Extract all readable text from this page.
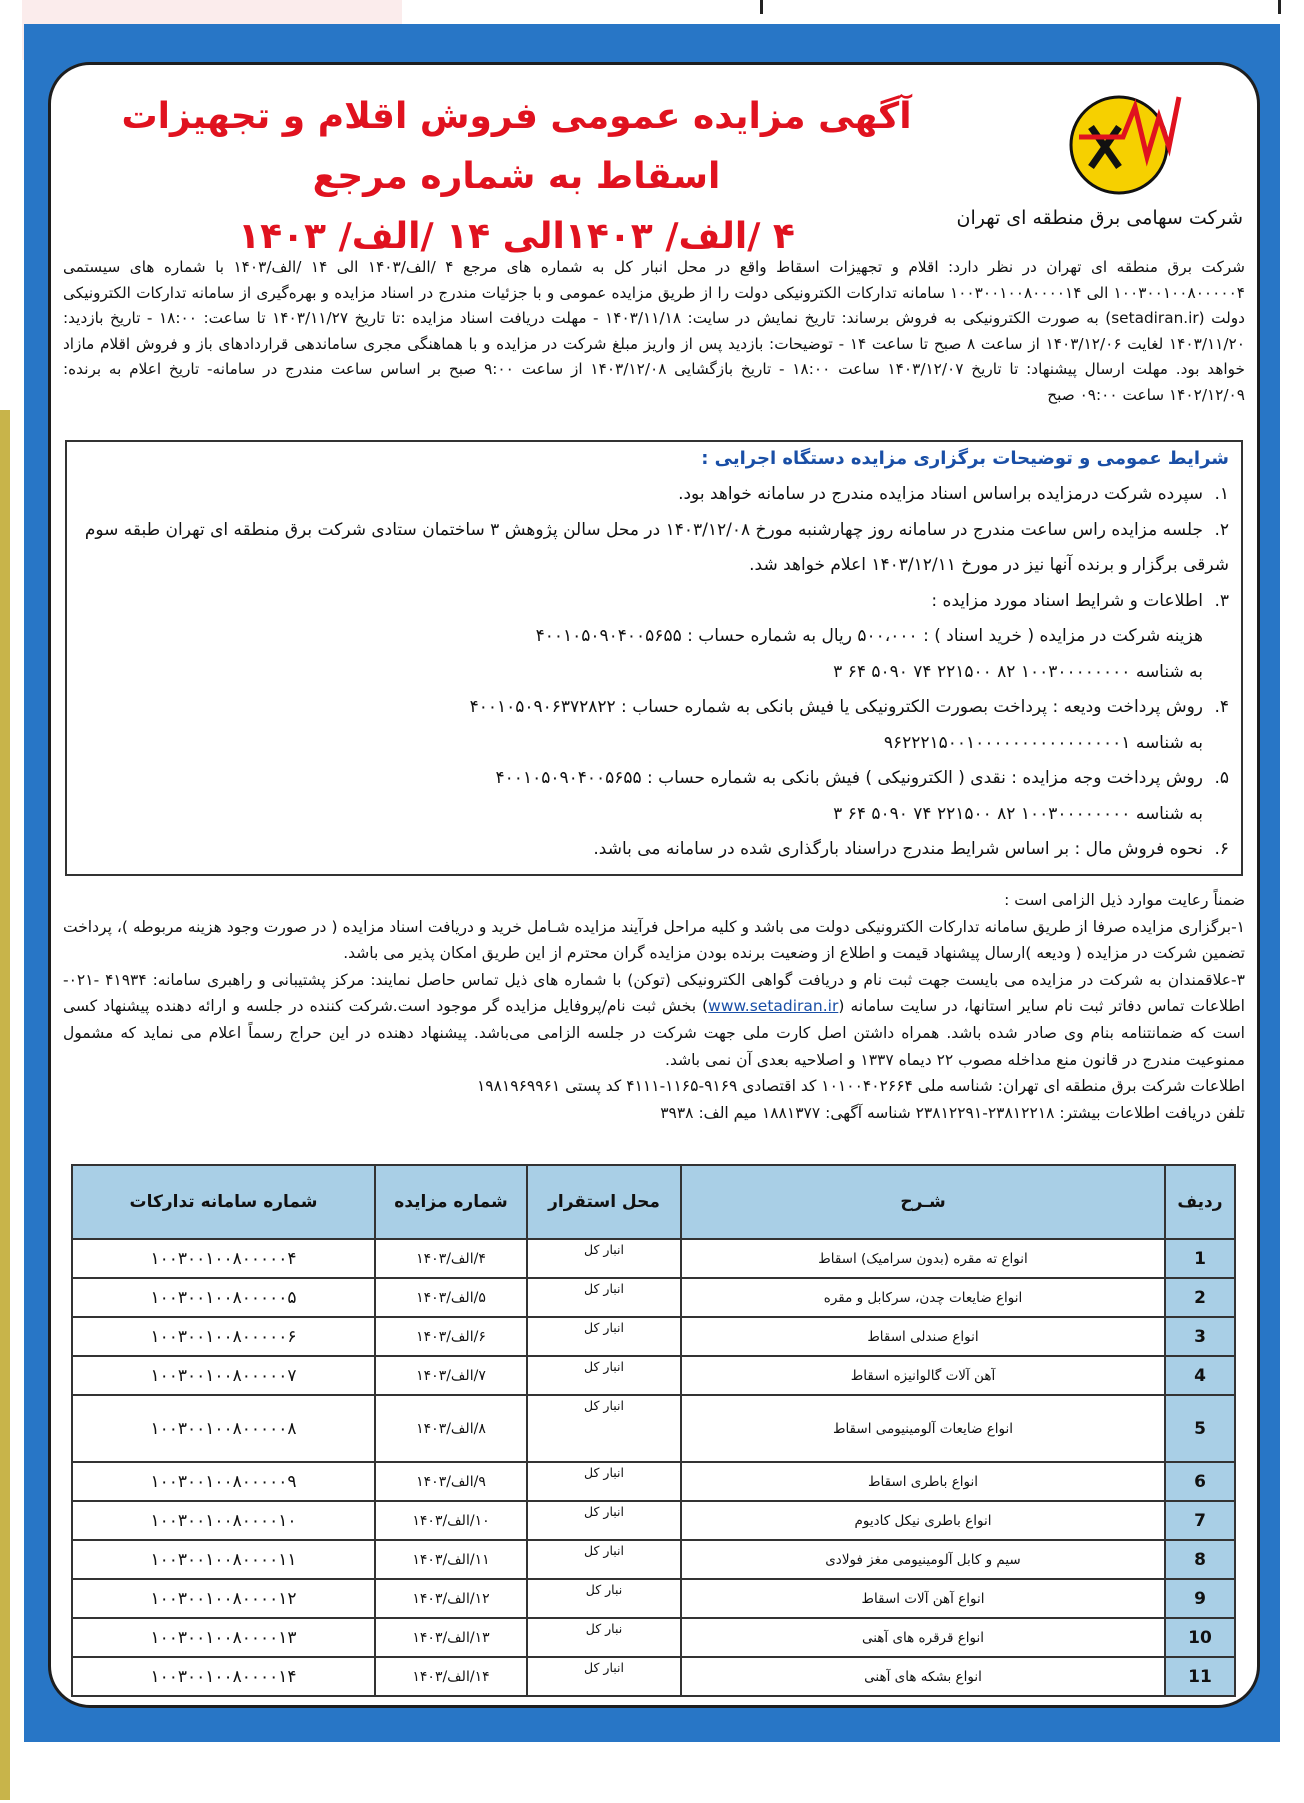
شرکت سهامی برق منطقه ای تهران
آگهی مزایده عمومی فروش اقلام و تجهیزات اسقاط به شماره مرجع
۴ /الف/ ۱۴۰۳الی ۱۴ /الف/ ۱۴۰۳
شرکت برق منطقه ای تهران در نظر دارد: اقلام و تجهیزات اسقاط واقع در محل انبار کل به شماره های مرجع ۴ /الف/۱۴۰۳ الی ۱۴ /الف/۱۴۰۳ با شماره های سیستمی ۱۰۰۳۰۰۱۰۰۸۰۰۰۰۰۴ الی ۱۰۰۳۰۰۱۰۰۸۰۰۰۰۱۴ سامانه تدارکات الکترونیکی دولت را از طریق مزایده عمومی و با جزئیات مندرج در اسناد مزایده و بهره‌گیری از سامانه تدارکات الکترونیکی دولت (setadiran.ir) به صورت الکترونیکی به فروش برساند: تاریخ نمایش در سایت: ۱۴۰۳/۱۱/۱۸ - مهلت دریافت اسناد مزایده :تا تاریخ ۱۴۰۳/۱۱/۲۷ تا ساعت: ۱۸:۰۰ - تاریخ بازدید: ۱۴۰۳/۱۱/۲۰ لغایت ۱۴۰۳/۱۲/۰۶ از ساعت ۸ صبح تا ساعت ۱۴ - توضیحات: بازدید پس از واریز مبلغ شرکت در مزایده و با هماهنگی مجری ساماندهی قراردادهای باز و فروش اقلام مازاد خواهد بود. مهلت ارسال پیشنهاد: تا تاریخ ۱۴۰۳/۱۲/۰۷ ساعت ۱۸:۰۰ - تاریخ بازگشایی ۱۴۰۳/۱۲/۰۸ از ساعت ۹:۰۰ صبح بر اساس ساعت مندرج در سامانه- تاریخ اعلام به برنده: ۱۴۰۲/۱۲/۰۹ ساعت ۰۹:۰۰ صبح
شرایط عمومی و توضیحات برگزاری مزایده دستگاه اجرایی :
۱.سپرده شرکت درمزایده براساس اسناد مزایده مندرج در سامانه خواهد بود.
۲.جلسه مزایده راس ساعت مندرج در سامانه روز چهارشنبه مورخ ۱۴۰۳/۱۲/۰۸ در محل سالن پژوهش ۳ ساختمان ستادی شرکت برق منطقه ای تهران طبقه سوم شرقی برگزار و برنده آنها نیز در مورخ ۱۴۰۳/۱۲/۱۱ اعلام خواهد شد.
۳.اطلاعات و شرایط اسناد مورد مزایده :
هزینه شرکت در مزایده ( خرید اسناد ) : ۵۰۰،۰۰۰ ریال به شماره حساب : ۴۰۰۱۰۵۰۹۰۴۰۰۵۶۵۵
به شناسه ۱۰۰۳۰۰۰۰۰۰۰۰ ۸۲ ۲۲۱۵۰۰ ۷۴ ۵۰۹۰ ۶۴ ۳
۴.روش پرداخت ودیعه : پرداخت بصورت الکترونیکی یا فیش بانکی به شماره حساب : ۴۰۰۱۰۵۰۹۰۶۳۷۲۸۲۲
به شناسه ۹۶۲۲۲۱۵۰۰۱۰۰۰۰۰۰۰۰۰۰۰۰۰۰۰۰۱
۵.روش پرداخت وجه مزایده : نقدی ( الکترونیکی ) فیش بانکی به شماره حساب : ۴۰۰۱۰۵۰۹۰۴۰۰۵۶۵۵
به شناسه ۱۰۰۳۰۰۰۰۰۰۰۰ ۸۲ ۲۲۱۵۰۰ ۷۴ ۵۰۹۰ ۶۴ ۳
۶.نحوه فروش مال : بر اساس شرایط مندرج دراسناد بارگذاری شده در سامانه می باشد.
ضمناً رعایت موارد ذیل الزامی است :
۱-برگزاری مزایده صرفا از طریق سامانه تدارکات الکترونیکی دولت می باشد و کلیه مراحل فرآیند مزایده شـامل خرید و دریافت اسناد مزایده ( در صورت وجود هزینه مربوطه )، پرداخت تضمین شرکت در مزایده ( ودیعه )ارسال پیشنهاد قیمت و اطلاع از وضعیت برنده بودن مزایده گران محترم از این طریق امکان پذیر می باشد.
۳-علاقمندان به شرکت در مزایده می بایست جهت ثبت نام و دریافت گواهی الکترونیکی (توکن) با شماره های ذیل تماس حاصل نمایند: مرکز پشتیبانی و راهبری سامانه: ۴۱۹۳۴ -۰۲۱- اطلاعات تماس دفاتر ثبت نام سایر استانها، در سایت سامانه (www.setadiran.ir) بخش ثبت نام/پروفایل مزایده گر موجود است.شرکت کننده در جلسه و ارائه دهنده پیشنهاد کسی است که ضمانتنامه بنام وی صادر شده باشد. همراه داشتن اصل کارت ملی جهت شرکت در جلسه الزامی می‌باشد. پیشنهاد دهنده در این حراج رسماً اعلام می نماید که مشمول ممنوعیت مندرج در قانون منع مداخله مصوب ۲۲ دیماه ۱۳۳۷ و اصلاحیه بعدی آن نمی باشد.
اطلاعات شرکت برق منطقه ای تهران: شناسه ملی ۱۰۱۰۰۴۰۲۶۶۴ کد اقتصادی ۹۱۶۹-۱۱۶۵-۴۱۱۱ کد پستی ۱۹۸۱۹۶۹۹۶۱
تلفن دریافت اطلاعات بیشتر: ۲۳۸۱۲۲۱۸-۲۳۸۱۲۲۹۱ شناسه آگهی: ۱۸۸۱۳۷۷ میم الف: ۳۹۳۸
ردیف	شـرح	محل استقرار	شماره مزایده	شماره سامانه تدارکات
1	انواع ته مقره (بدون سرامیک) اسقاط	انبار کل	۴/الف/۱۴۰۳	۱۰۰۳۰۰۱۰۰۸۰۰۰۰۰۴
2	انواع ضایعات چدن، سرکابل و مقره	انبار کل	۵/الف/۱۴۰۳	۱۰۰۳۰۰۱۰۰۸۰۰۰۰۰۵
3	انواع صندلی اسقاط	انبار کل	۶/الف/۱۴۰۳	۱۰۰۳۰۰۱۰۰۸۰۰۰۰۰۶
4	آهن آلات گالوانیزه اسقاط	انبار کل	۷/الف/۱۴۰۳	۱۰۰۳۰۰۱۰۰۸۰۰۰۰۰۷
5	انواع ضایعات آلومینیومی اسقاط	انبار کل	۸/الف/۱۴۰۳	۱۰۰۳۰۰۱۰۰۸۰۰۰۰۰۸
6	انواع باطری اسقاط	انبار کل	۹/الف/۱۴۰۳	۱۰۰۳۰۰۱۰۰۸۰۰۰۰۰۹
7	انواع باطری نیکل کادیوم	انبار کل	۱۰/الف/۱۴۰۳	۱۰۰۳۰۰۱۰۰۸۰۰۰۰۱۰
8	سیم و کابل آلومینیومی مغز فولادی	انبار کل	۱۱/الف/۱۴۰۳	۱۰۰۳۰۰۱۰۰۸۰۰۰۰۱۱
9	انواع آهن آلات اسقاط	نبار کل	۱۲/الف/۱۴۰۳	۱۰۰۳۰۰۱۰۰۸۰۰۰۰۱۲
10	انواع قرقره های آهنی	نبار کل	۱۳/الف/۱۴۰۳	۱۰۰۳۰۰۱۰۰۸۰۰۰۰۱۳
11	انواع بشکه های آهنی	انبار کل	۱۴/الف/۱۴۰۳	۱۰۰۳۰۰۱۰۰۸۰۰۰۰۱۴
